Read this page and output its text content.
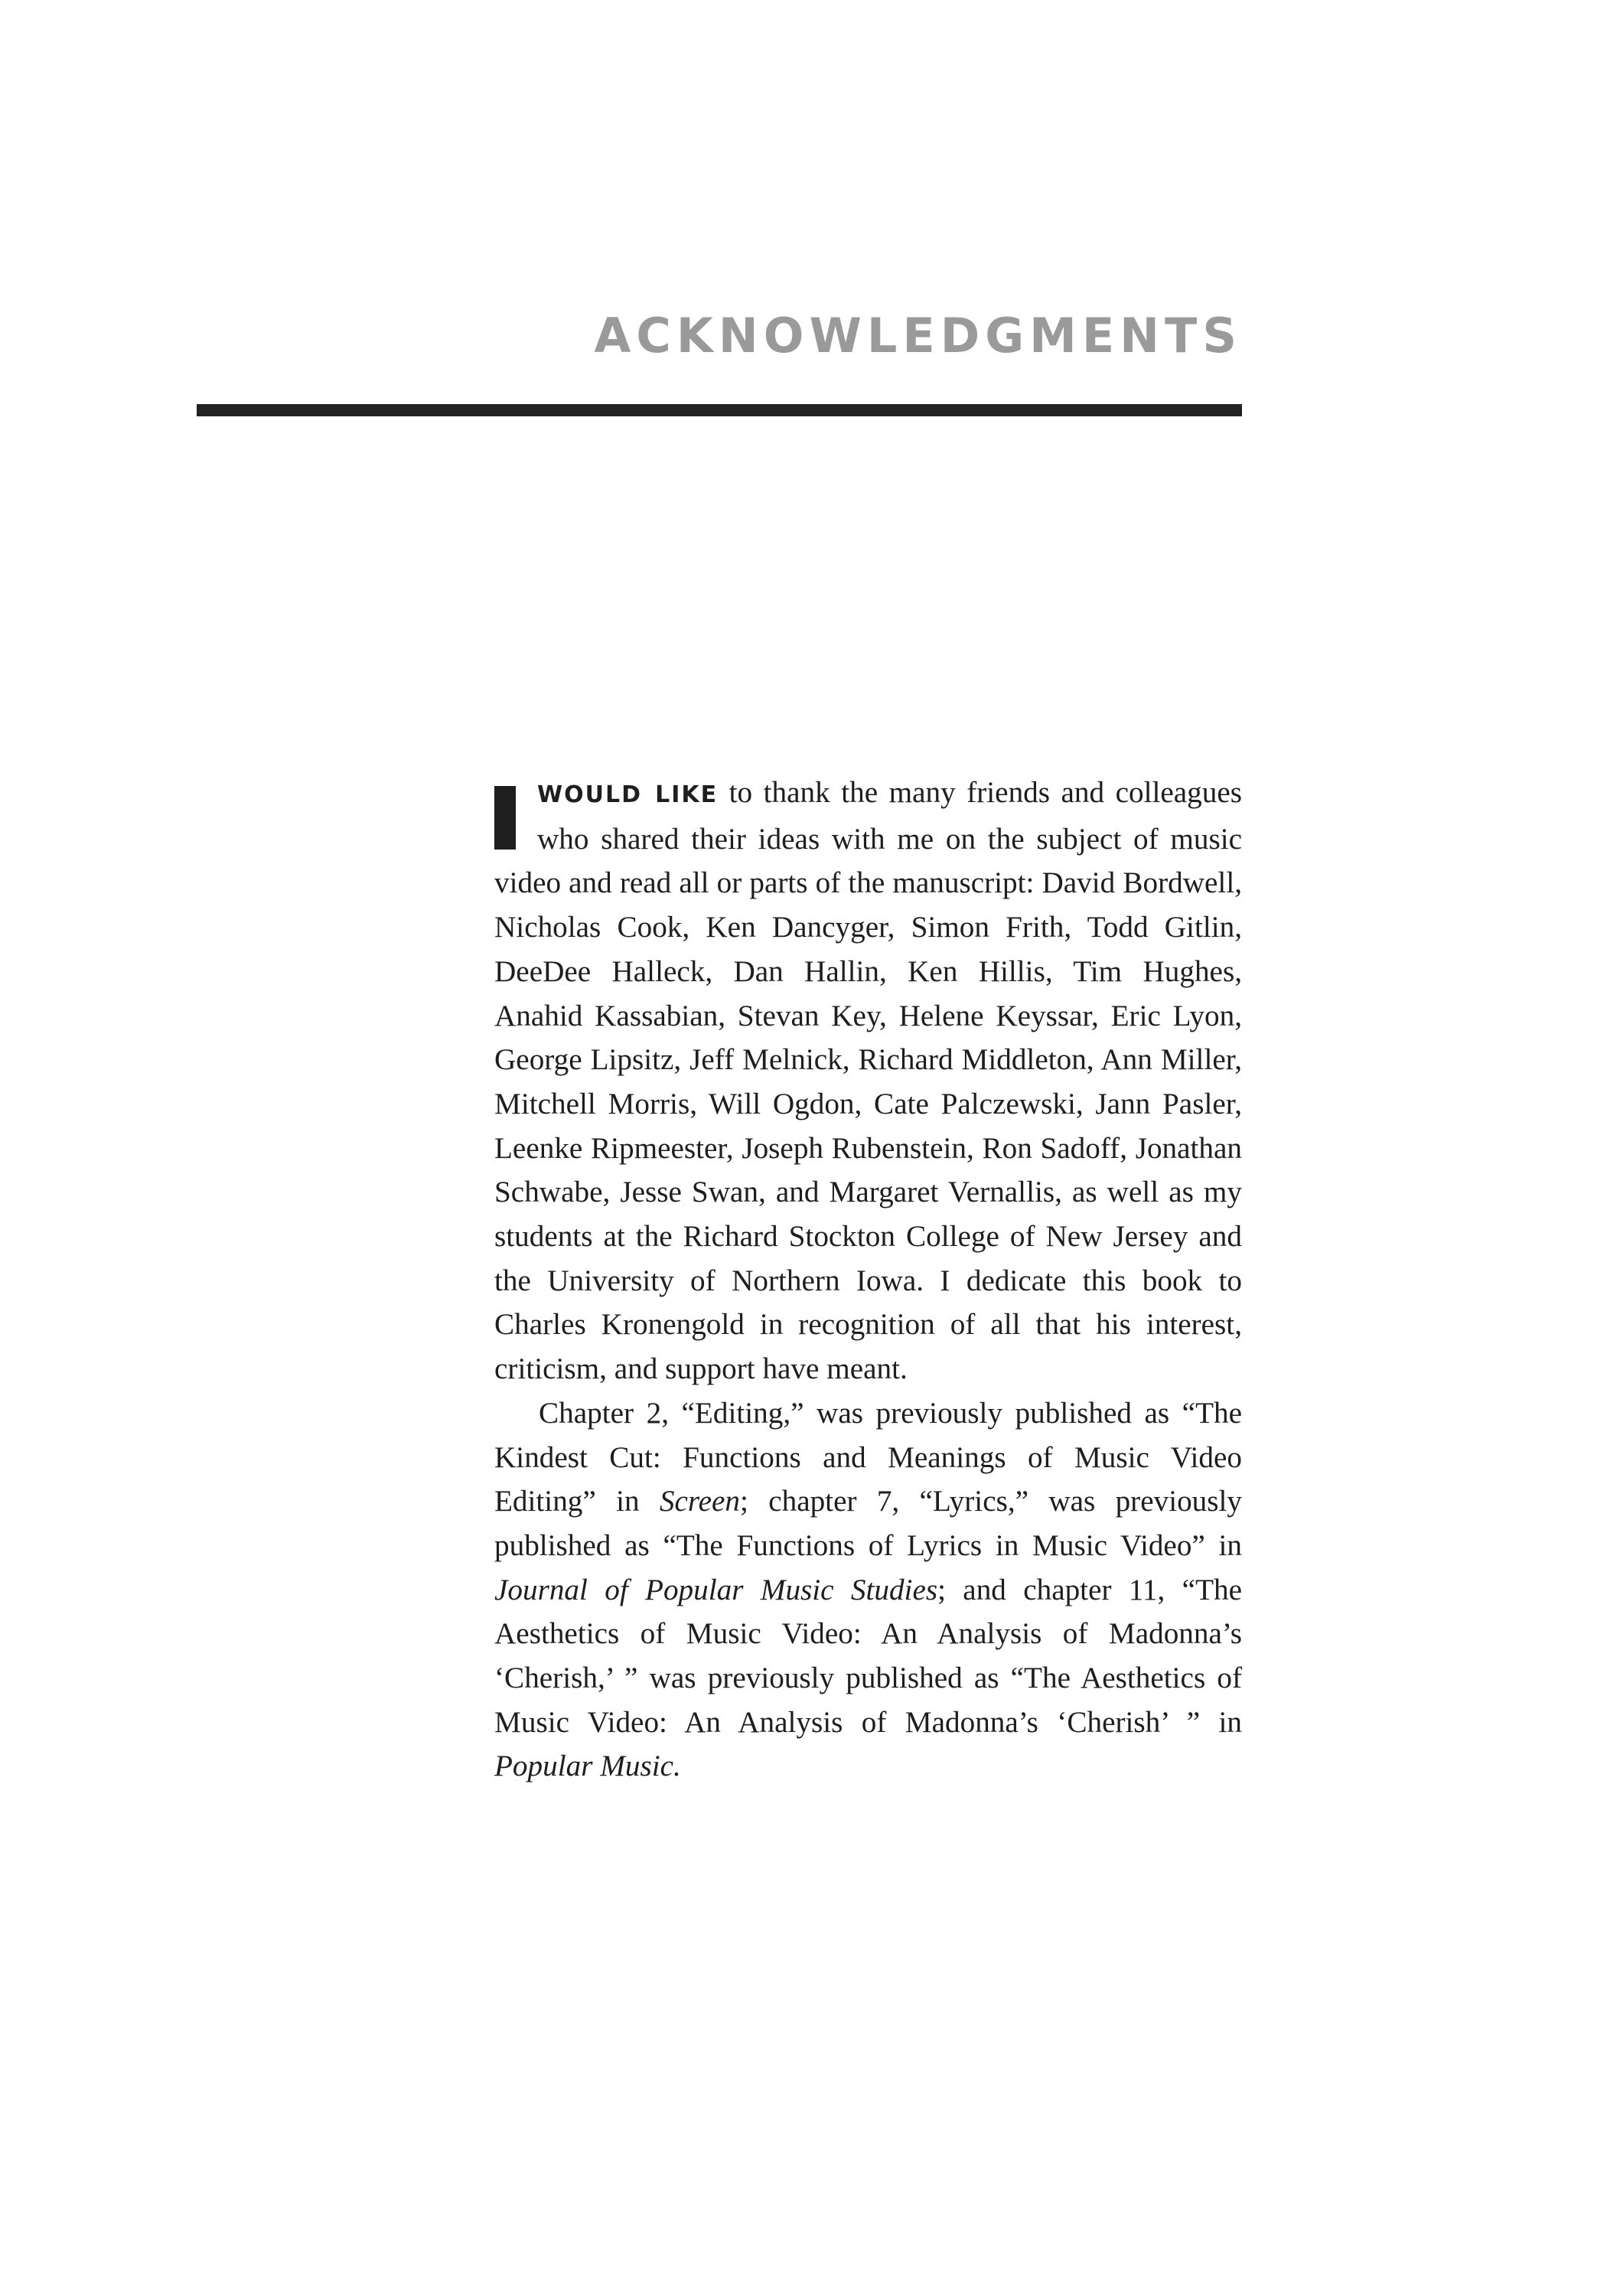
ACKNOWLEDGMENTS

WOULD LIKE to thank the many friends and colleagues who shared their ideas with me on the subject of music video and read all or parts of the manuscript: David Bordwell, Nicholas Cook, Ken Dancyger, Simon Frith, Todd Gitlin, DeeDee Halleck, Dan Hallin, Ken Hillis, Tim Hughes, Anahid Kassabian, Stevan Key, Helene Keyssar, Eric Lyon, George Lipsitz, Jeff Melnick, Richard Middleton, Ann Miller, Mitchell Morris, Will Ogdon, Cate Palczewski, Jann Pasler, Leenke Ripmeester, Joseph Rubenstein, Ron Sadoff, Jonathan Schwabe, Jesse Swan, and Margaret Vernallis, as well as my students at the Richard Stockton College of New Jersey and the University of Northern Iowa. I dedicate this book to Charles Kronengold in recognition of all that his interest, criticism, and support have meant.

Chapter 2, “Editing,” was previously published as “The Kindest Cut: Functions and Meanings of Music Video Editing” in Screen; chapter 7, “Lyrics,” was previously published as “The Functions of Lyrics in Music Video” in Journal of Popular Music Studies; and chapter 11, “The Aesthetics of Music Video: An Analysis of Madonna’s ‘Cherish,’ ” was previously published as “The Aesthetics of Music Video: An Analysis of Madonna’s ‘Cherish’ ” in Popular Music.
